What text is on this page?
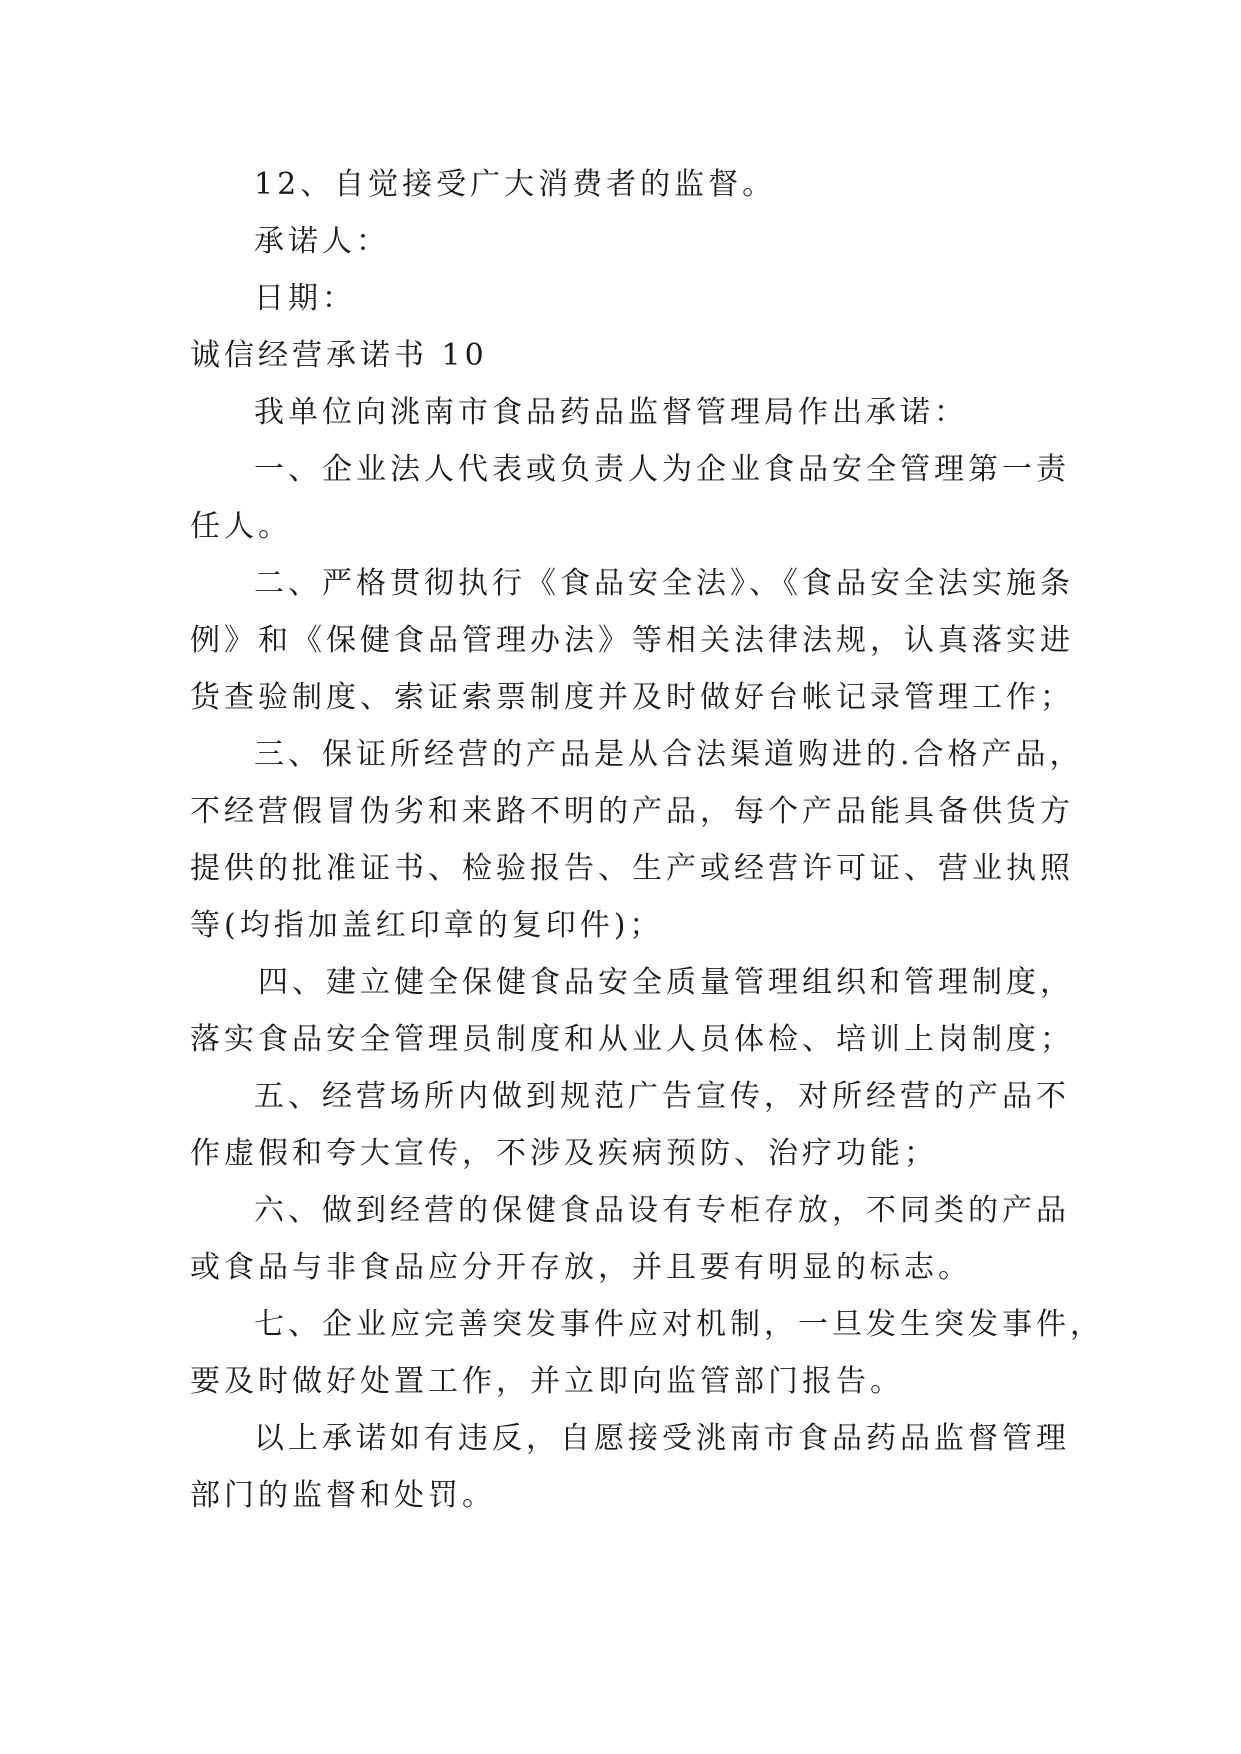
12、自觉接受广大消费者的监督。
承诺人：
日期：
诚信经营承诺书 10
我单位向洮南市食品药品监督管理局作出承诺：
一、企业法人代表或负责人为企业食品安全管理第一责
任人。
二、严格贯彻执行《食品安全法》、《食品安全法实施条
例》和《保健食品管理办法》等相关法律法规，认真落实进
货查验制度、索证索票制度并及时做好台帐记录管理工作；
三、保证所经营的产品是从合法渠道购进的.合格产品，
不经营假冒伪劣和来路不明的产品，每个产品能具备供货方
提供的批准证书、检验报告、生产或经营许可证、营业执照
等(均指加盖红印章的复印件)；
四、建立健全保健食品安全质量管理组织和管理制度，
落实食品安全管理员制度和从业人员体检、培训上岗制度；
五、经营场所内做到规范广告宣传，对所经营的产品不
作虚假和夸大宣传，不涉及疾病预防、治疗功能；
六、做到经营的保健食品设有专柜存放，不同类的产品
或食品与非食品应分开存放，并且要有明显的标志。
七、企业应完善突发事件应对机制，一旦发生突发事件，
要及时做好处置工作，并立即向监管部门报告。
以上承诺如有违反，自愿接受洮南市食品药品监督管理
部门的监督和处罚。
